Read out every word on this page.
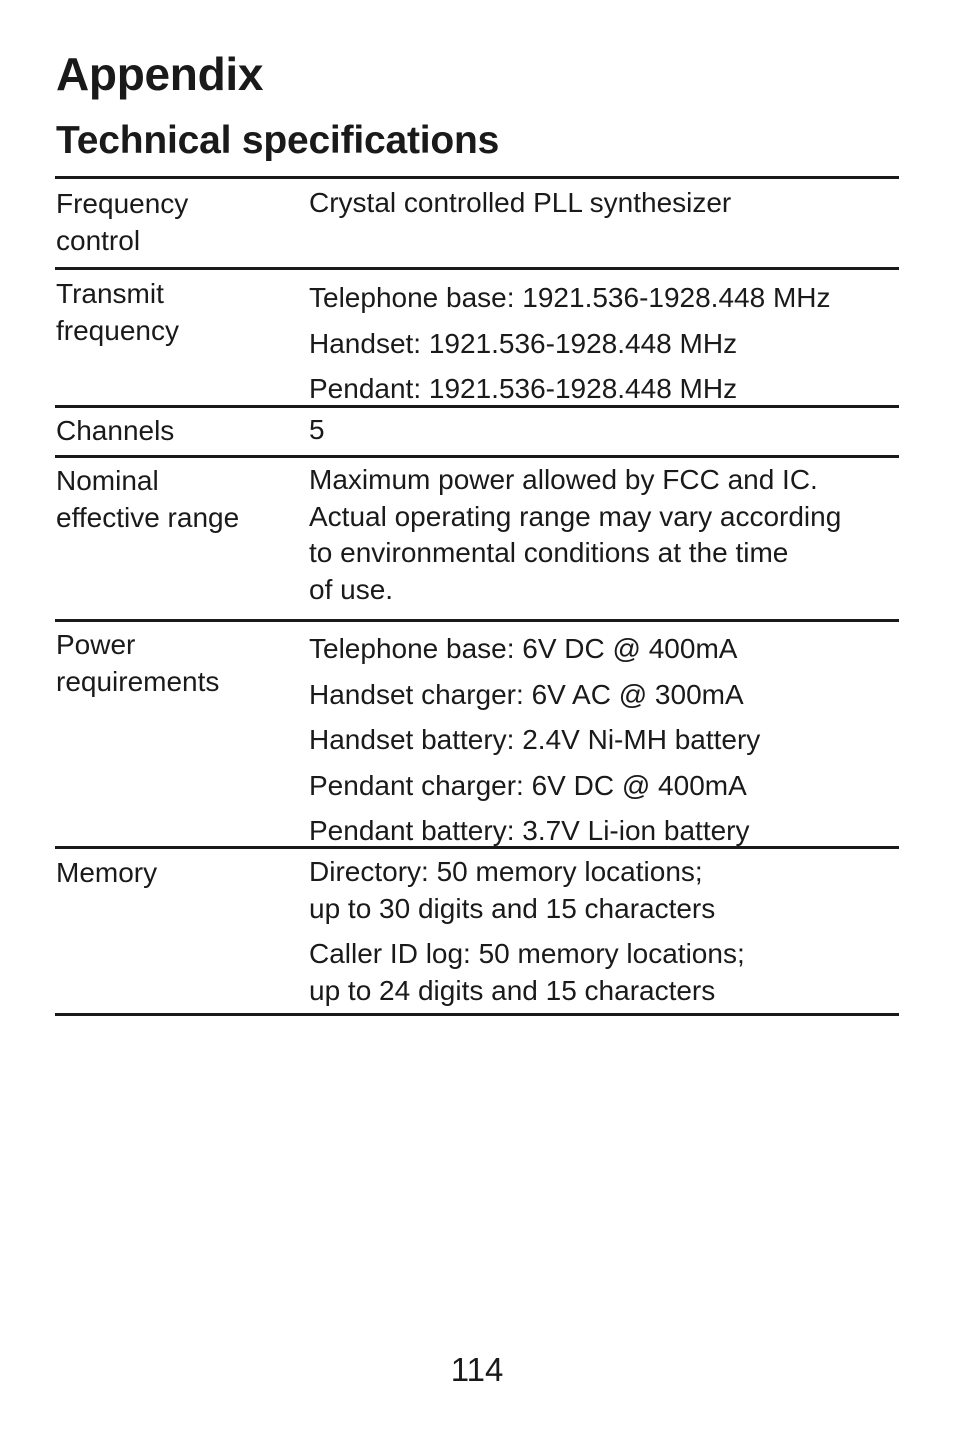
Appendix
Technical specifications
Frequency
control
Crystal controlled PLL synthesizer
Transmit
frequency
Telephone base: 1921.536-1928.448 MHz
Handset: 1921.536-1928.448 MHz
Pendant: 1921.536-1928.448 MHz
Channels	5
Nominal
effective range
Maximum power allowed by FCC and IC.
Actual operating range may vary according
to environmental conditions at the time
of use.
Power
requirements
Telephone base: 6V DC @ 400mA
Handset charger: 6V AC @ 300mA
Handset battery: 2.4V Ni-MH battery
Pendant charger: 6V DC @ 400mA
Pendant battery: 3.7V Li-ion battery
Memory	Directory: 50 memory locations;
up to 30 digits and 15 characters
Caller ID log: 50 memory locations;
up to 24 digits and 15 characters
114
